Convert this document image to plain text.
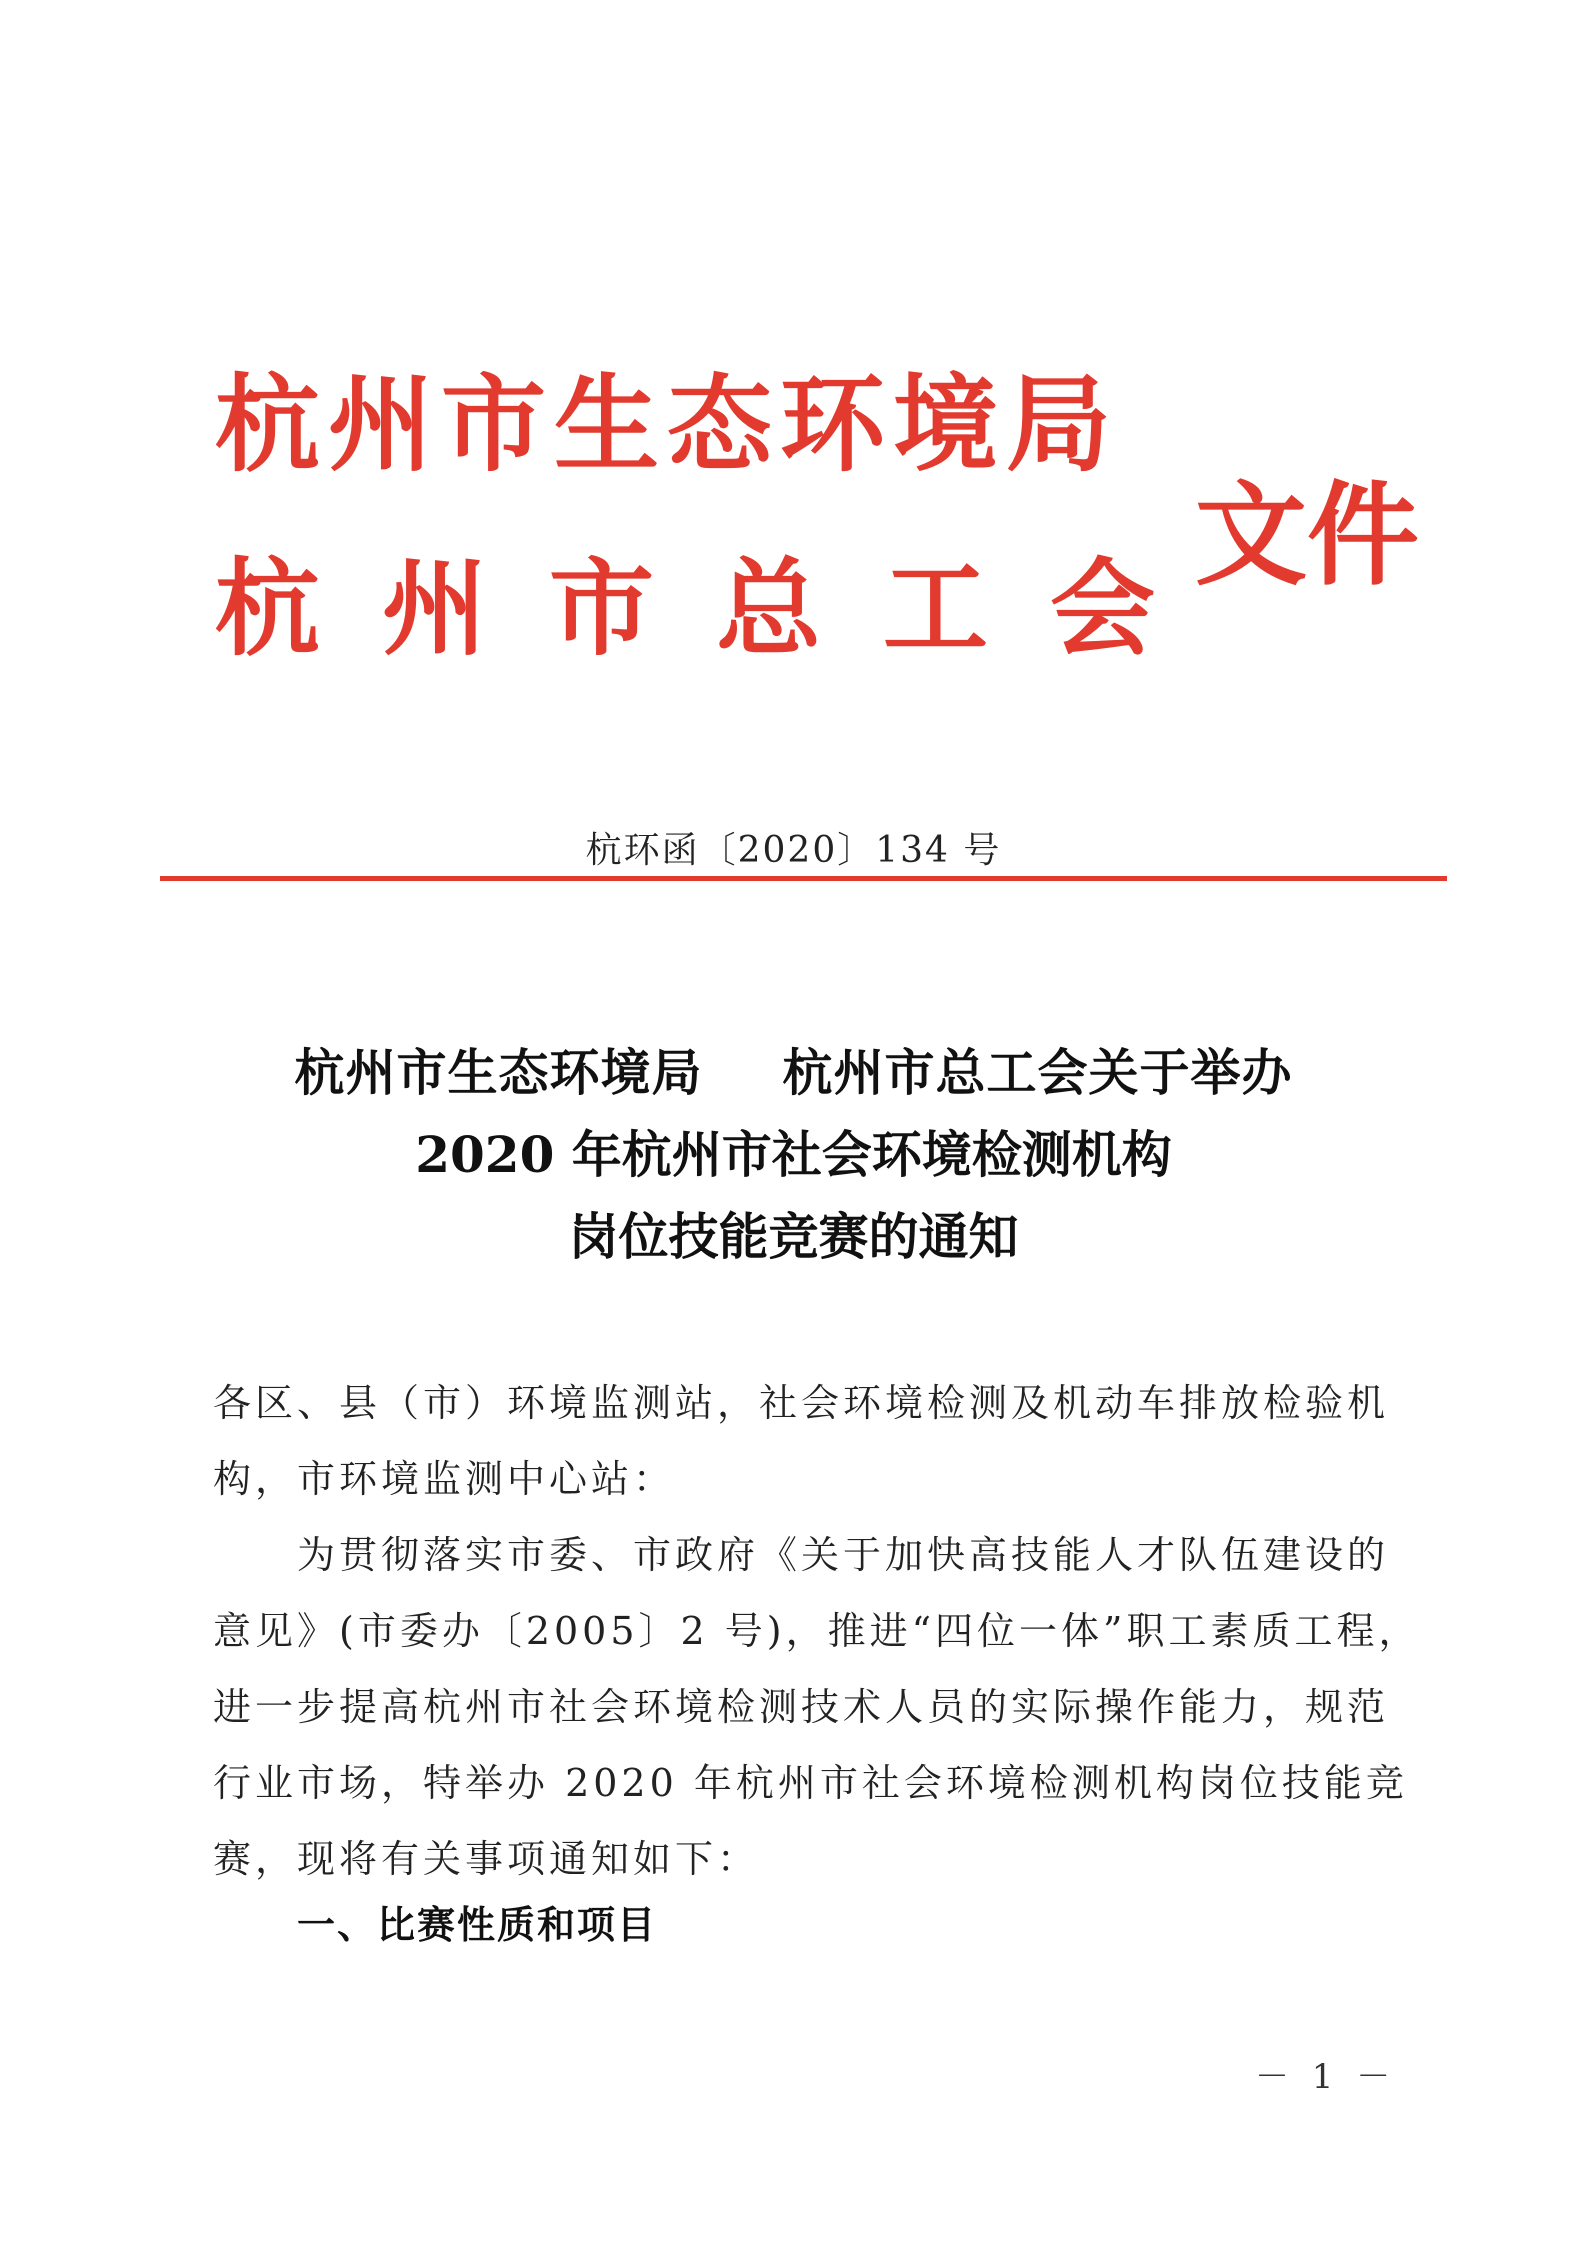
杭州市生态环境局
杭州市总工会
文件
杭环函〔2020〕134 号
杭州市生态环境局 杭州市总工会关于举办
2020 年杭州市社会环境检测机构
岗位技能竞赛的通知
各区、县（市）环境监测站，社会环境检测及机动车排放检验机
构，市环境监测中心站：
为贯彻落实市委、市政府《关于加快高技能人才队伍建设的
意见》(市委办〔2005〕2 号)，推进“四位一体”职工素质工程，
进一步提高杭州市社会环境检测技术人员的实际操作能力，规范
行业市场，特举办 2020 年杭州市社会环境检测机构岗位技能竞
赛，现将有关事项通知如下：
一、比赛性质和项目
－ 1 －
